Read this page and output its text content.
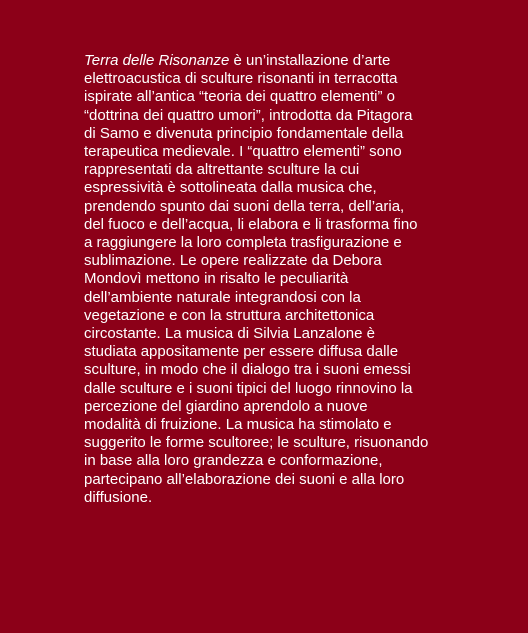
Terra delle Risonanze è un’installazione d’arte
elettroacustica di sculture risonanti in terracotta
ispirate all’antica “teoria dei quattro elementi” o
“dottrina dei quattro umori”, introdotta da Pitagora
di Samo e divenuta principio fondamentale della
terapeutica medievale. I “quattro elementi” sono
rappresentati da altrettante sculture la cui
espressività è sottolineata dalla musica che,
prendendo spunto dai suoni della terra, dell’aria,
del fuoco e dell’acqua, li elabora e li trasforma fino
a raggiungere la loro completa trasfigurazione e
sublimazione. Le opere realizzate da Debora
Mondovì mettono in risalto le peculiarità
dell’ambiente naturale integrandosi con la
vegetazione e con la struttura architettonica
circostante. La musica di Silvia Lanzalone è
studiata appositamente per essere diffusa dalle
sculture, in modo che il dialogo tra i suoni emessi
dalle sculture e i suoni tipici del luogo rinnovino la
percezione del giardino aprendolo a nuove
modalità di fruizione. La musica ha stimolato e
suggerito le forme scultoree; le sculture, risuonando
in base alla loro grandezza e conformazione,
partecipano all’elaborazione dei suoni e alla loro
diffusione.
